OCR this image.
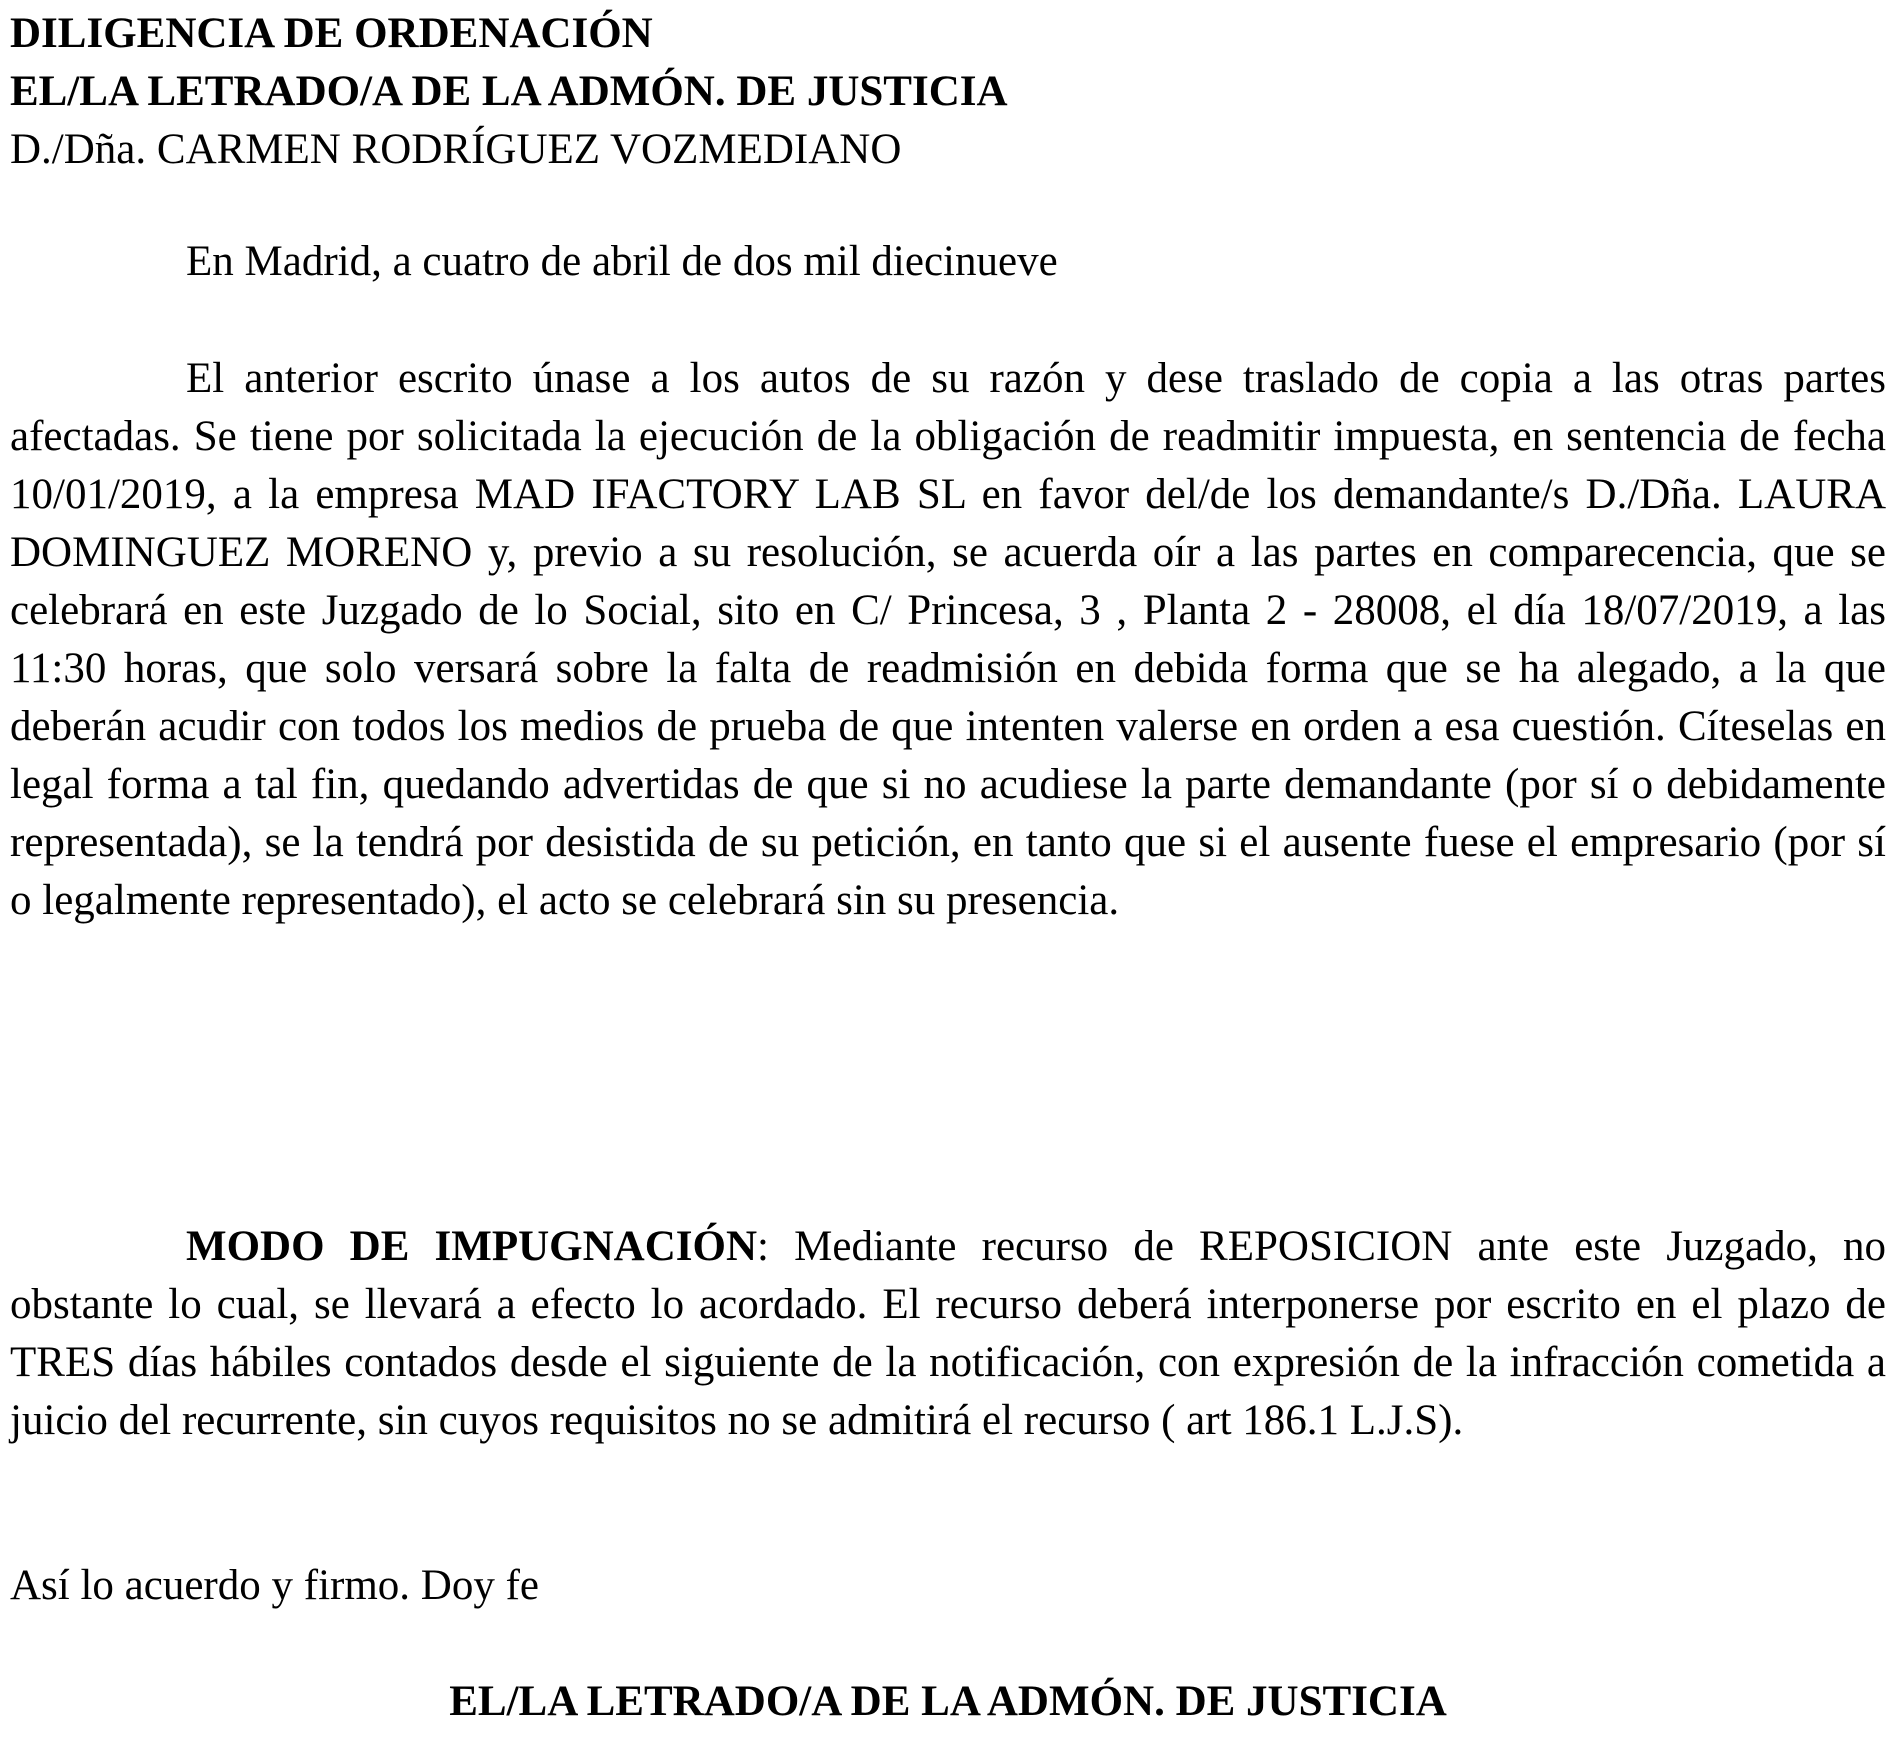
DILIGENCIA DE ORDENACIÓN
EL/LA LETRADO/A DE LA ADMÓN. DE JUSTICIA
D./Dña. CARMEN RODRÍGUEZ VOZMEDIANO
En Madrid, a cuatro de abril de dos mil diecinueve

El anterior escrito únase a los autos de su razón y dese traslado de copia a las otras partes afectadas. Se tiene por solicitada la ejecución de la obligación de readmitir impuesta, en sentencia de fecha 10/01/2019, a la empresa MAD IFACTORY LAB SL en favor del/de los demandante/s D./Dña. LAURA DOMINGUEZ MORENO y, previo a su resolución, se acuerda oír a las partes en comparecencia, que se celebrará en este Juzgado de lo Social, sito en C/ Princesa, 3 , Planta 2 - 28008, el día 18/07/2019, a las 11:30 horas, que solo versará sobre la falta de readmisión en debida forma que se ha alegado, a la que deberán acudir con todos los medios de prueba de que intenten valerse en orden a esa cuestión. Cíteselas en legal forma a tal fin, quedando advertidas de que si no acudiese la parte demandante (por sí o debidamente representada), se la tendrá por desistida de su petición, en tanto que si el ausente fuese el empresario (por sí o legalmente representado), el acto se celebrará sin su presencia.

MODO DE IMPUGNACIÓN: Mediante recurso de REPOSICION ante este Juzgado, no obstante lo cual, se llevará a efecto lo acordado. El recurso deberá interponerse por escrito en el plazo de TRES días hábiles contados desde el siguiente de la notificación, con expresión de la infracción cometida a juicio del recurrente, sin cuyos requisitos no se admitirá el recurso ( art 186.1 L.J.S).

Así lo acuerdo y firmo. Doy fe
EL/LA LETRADO/A DE LA ADMÓN. DE JUSTICIA
